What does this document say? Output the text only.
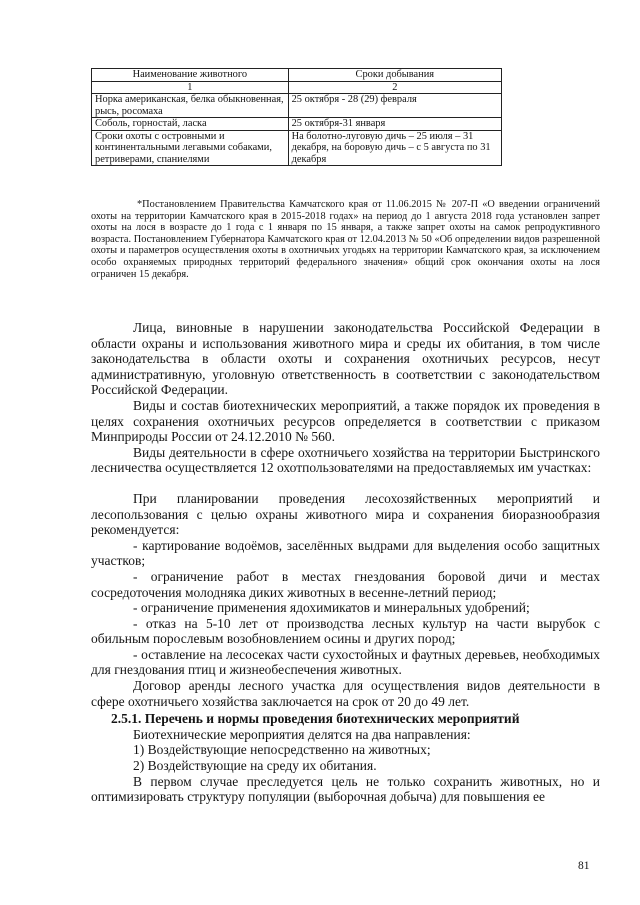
Наименование животного	Сроки добывания
1	2
Норка американская, белка обыкновенная, рысь, росомаха	25 октября - 28 (29) февраля
Соболь, горностай, ласка	25 октября-31 января
Сроки охоты с островными и континентальными легавыми собаками, ретриверами, спаниелями	На болотно-луговую дичь – 25 июля – 31 декабря, на боровую дичь – с 5 августа по 31 декабря

*Постановлением Правительства Камчатского края от 11.06.2015 № 207-П «О введении ограничений охоты на территории Камчатского края в 2015-2018 годах» на период до 1 августа 2018 года установлен запрет охоты на лося в возрасте до 1 года с 1 января по 15 января, а также запрет охоты на самок репродуктивного возраста. Постановлением Губернатора Камчатского края от 12.04.2013 № 50 «Об определении видов разрешенной охоты и параметров осуществления охоты в охотничьих угодьях на территории Камчатского края, за исключением особо охраняемых природных территорий федерального значения» общий срок окончания охоты на лося ограничен 15 декабря.

Лица, виновные в нарушении законодательства Российской Федерации в области охраны и использования животного мира и среды их обитания, в том числе законодательства в области охоты и сохранения охотничьих ресурсов, несут административную, уголовную ответственность в соответствии с законодательством Российской Федерации.

Виды и состав биотехнических мероприятий, а также порядок их проведения в целях сохранения охотничьих ресурсов определяется в соответствии с приказом Минприроды России от 24.12.2010 № 560.

Виды деятельности в сфере охотничьего хозяйства на территории Быстринского лесничества осуществляется 12 охотпользователями на предоставляемых им участках:

При планировании проведения лесохозяйственных мероприятий и лесопользования с целью охраны животного мира и сохранения биоразнообразия рекомендуется:

- картирование водоёмов, заселённых выдрами для выделения особо защитных участков;

- ограничение работ в местах гнездования боровой дичи и местах сосредоточения молодняка диких животных в весенне-летний период;

- ограничение применения ядохимикатов и минеральных удобрений;

- отказ на 5-10 лет от производства лесных культур на части вырубок с обильным порослевым возобновлением осины и других пород;

- оставление на лесосеках части сухостойных и фаутных деревьев, необходимых для гнездования птиц и жизнеобеспечения животных.

Договор аренды лесного участка для осуществления видов деятельности в сфере охотничьего хозяйства заключается на срок от 20 до 49 лет.

2.5.1. Перечень и нормы проведения биотехнических мероприятий

Биотехнические мероприятия делятся на два направления:

1) Воздействующие непосредственно на животных;

2) Воздействующие на среду их обитания.

В первом случае преследуется цель не только сохранить животных, но и оптимизировать структуру популяции (выборочная добыча) для повышения ее

81
